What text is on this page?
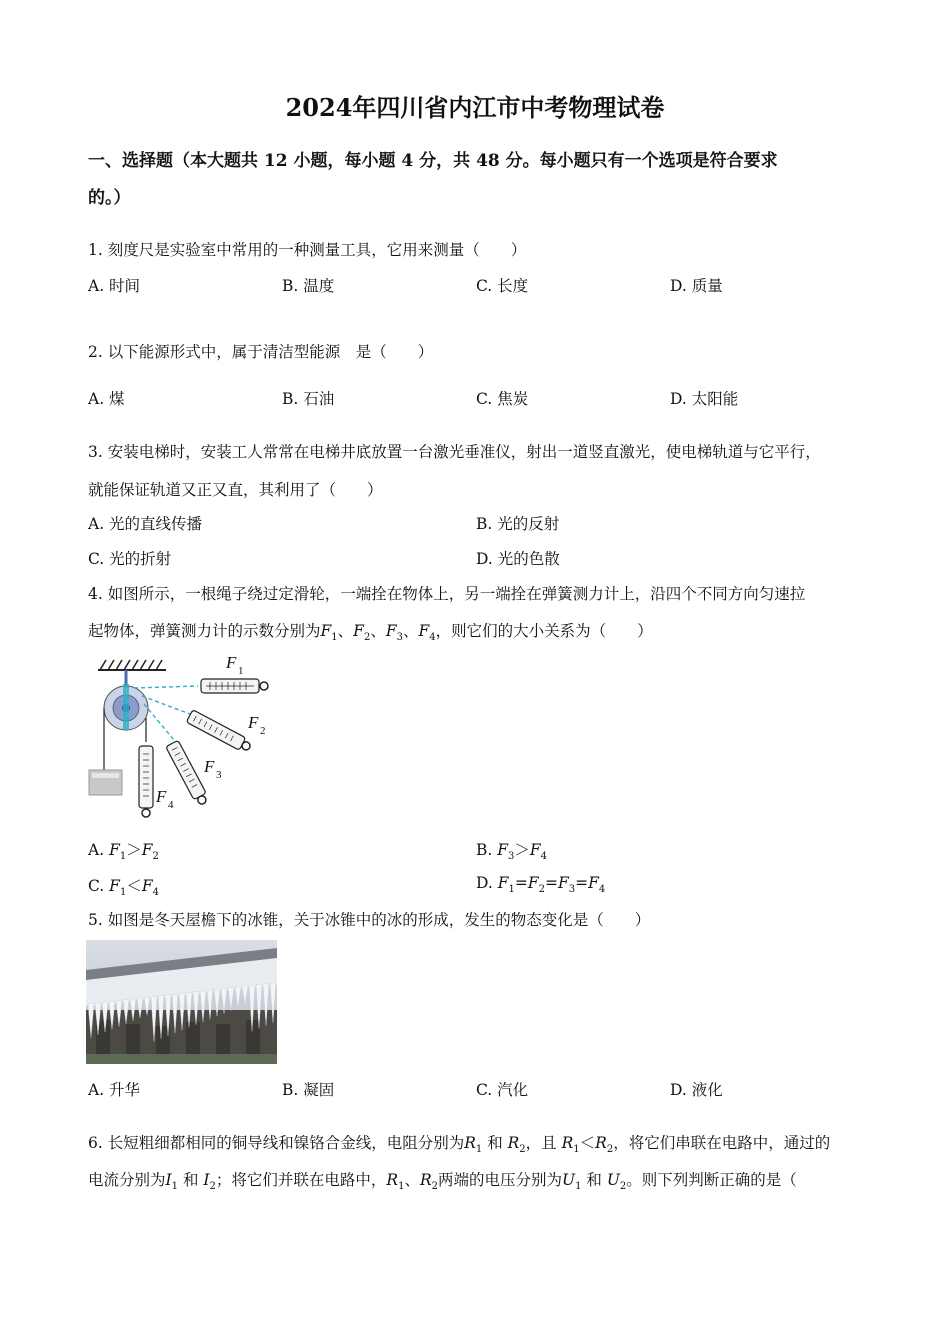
2024年四川省内江市中考物理试卷
一、选择题（本大题共 12 小题，每小题 4 分，共 48 分。每小题只有一个选项是符合要求
的。）
1. 刻度尺是实验室中常用的一种测量工具，它用来测量（　　）
A. 时间	B. 温度	C. 长度	D. 质量
2. 以下能源形式中，属于清洁型能源　是（　　）
A. 煤	B. 石油	C. 焦炭	D. 太阳能
3. 安装电梯时，安装工人常常在电梯井底放置一台激光垂准仪，射出一道竖直激光，使电梯轨道与它平行，
就能保证轨道又正又直，其利用了（　　）
A. 光的直线传播	B. 光的反射
C. 光的折射	D. 光的色散
4. 如图所示，一根绳子绕过定滑轮，一端拴在物体上，另一端拴在弹簧测力计上，沿四个不同方向匀速拉
起物体，弹簧测力计的示数分别为$F_1$、$F_2$、$F_3$、$F_4$，则它们的大小关系为（　　）
F
F
F
F
1
2
3
4
A. $F_1>F_2$	B. $F_3>F_4$
C. $F_1<F_4$
D. $F_1=F_2=F_3=F_4$
5. 如图是冬天屋檐下的冰锥，关于冰锥中的冰的形成，发生的物态变化是（　　）
A. 升华	B. 凝固	C. 汽化	D. 液化
6. 长短粗细都相同的铜导线和镍铬合金线，电阻分别为$R_1$ 和 $R_2$，且 $R_1<R_2$，将它们串联在电路中，通过的
电流分别为$I_1$ 和 $I_2$；将它们并联在电路中，$R_1$、$R_2$两端的电压分别为$U_1$ 和 $U_2$。则下列判断正确的是（
